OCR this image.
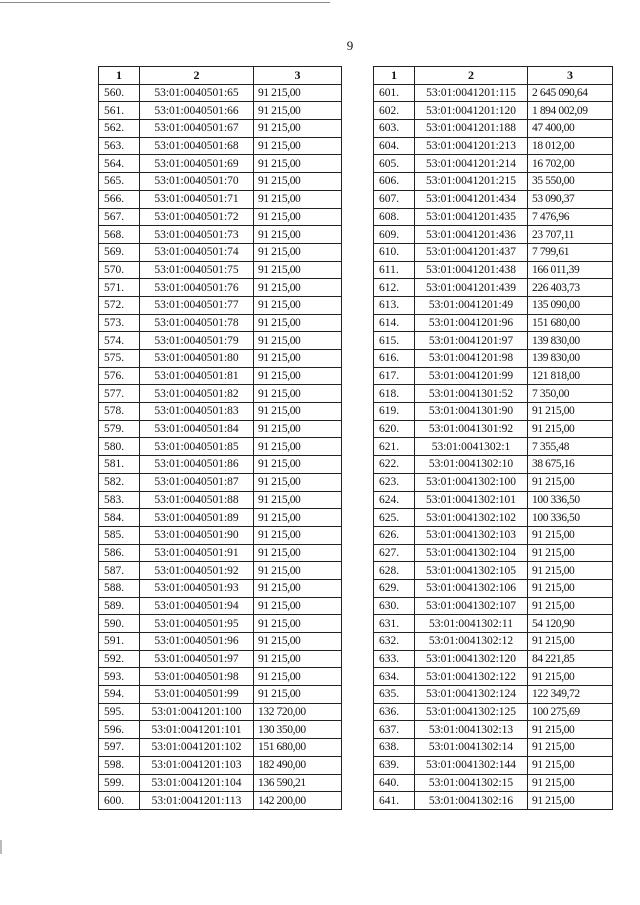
9
1	2	3
560.	53:01:0040501:65	91 215,00
561.	53:01:0040501:66	91 215,00
562.	53:01:0040501:67	91 215,00
563.	53:01:0040501:68	91 215,00
564.	53:01:0040501:69	91 215,00
565.	53:01:0040501:70	91 215,00
566.	53:01:0040501:71	91 215,00
567.	53:01:0040501:72	91 215,00
568.	53:01:0040501:73	91 215,00
569.	53:01:0040501:74	91 215,00
570.	53:01:0040501:75	91 215,00
571.	53:01:0040501:76	91 215,00
572.	53:01:0040501:77	91 215,00
573.	53:01:0040501:78	91 215,00
574.	53:01:0040501:79	91 215,00
575.	53:01:0040501:80	91 215,00
576.	53:01:0040501:81	91 215,00
577.	53:01:0040501:82	91 215,00
578.	53:01:0040501:83	91 215,00
579.	53:01:0040501:84	91 215,00
580.	53:01:0040501:85	91 215,00
581.	53:01:0040501:86	91 215,00
582.	53:01:0040501:87	91 215,00
583.	53:01:0040501:88	91 215,00
584.	53:01:0040501:89	91 215,00
585.	53:01:0040501:90	91 215,00
586.	53:01:0040501:91	91 215,00
587.	53:01:0040501:92	91 215,00
588.	53:01:0040501:93	91 215,00
589.	53:01:0040501:94	91 215,00
590.	53:01:0040501:95	91 215,00
591.	53:01:0040501:96	91 215,00
592.	53:01:0040501:97	91 215,00
593.	53:01:0040501:98	91 215,00
594.	53:01:0040501:99	91 215,00
595.	53:01:0041201:100	132 720,00
596.	53:01:0041201:101	130 350,00
597.	53:01:0041201:102	151 680,00
598.	53:01:0041201:103	182 490,00
599.	53:01:0041201:104	136 590,21
600.	53:01:0041201:113	142 200,00
1	2	3
601.	53:01:0041201:115	2 645 090,64
602.	53:01:0041201:120	1 894 002,09
603.	53:01:0041201:188	47 400,00
604.	53:01:0041201:213	18 012,00
605.	53:01:0041201:214	16 702,00
606.	53:01:0041201:215	35 550,00
607.	53:01:0041201:434	53 090,37
608.	53:01:0041201:435	7 476,96
609.	53:01:0041201:436	23 707,11
610.	53:01:0041201:437	7 799,61
611.	53:01:0041201:438	166 011,39
612.	53:01:0041201:439	226 403,73
613.	53:01:0041201:49	135 090,00
614.	53:01:0041201:96	151 680,00
615.	53:01:0041201:97	139 830,00
616.	53:01:0041201:98	139 830,00
617.	53:01:0041201:99	121 818,00
618.	53:01:0041301:52	7 350,00
619.	53:01:0041301:90	91 215,00
620.	53:01:0041301:92	91 215,00
621.	53:01:0041302:1	7 355,48
622.	53:01:0041302:10	38 675,16
623.	53:01:0041302:100	91 215,00
624.	53:01:0041302:101	100 336,50
625.	53:01:0041302:102	100 336,50
626.	53:01:0041302:103	91 215,00
627.	53:01:0041302:104	91 215,00
628.	53:01:0041302:105	91 215,00
629.	53:01:0041302:106	91 215,00
630.	53:01:0041302:107	91 215,00
631.	53:01:0041302:11	54 120,90
632.	53:01:0041302:12	91 215,00
633.	53:01:0041302:120	84 221,85
634.	53:01:0041302:122	91 215,00
635.	53:01:0041302:124	122 349,72
636.	53:01:0041302:125	100 275,69
637.	53:01:0041302:13	91 215,00
638.	53:01:0041302:14	91 215,00
639.	53:01:0041302:144	91 215,00
640.	53:01:0041302:15	91 215,00
641.	53:01:0041302:16	91 215,00
